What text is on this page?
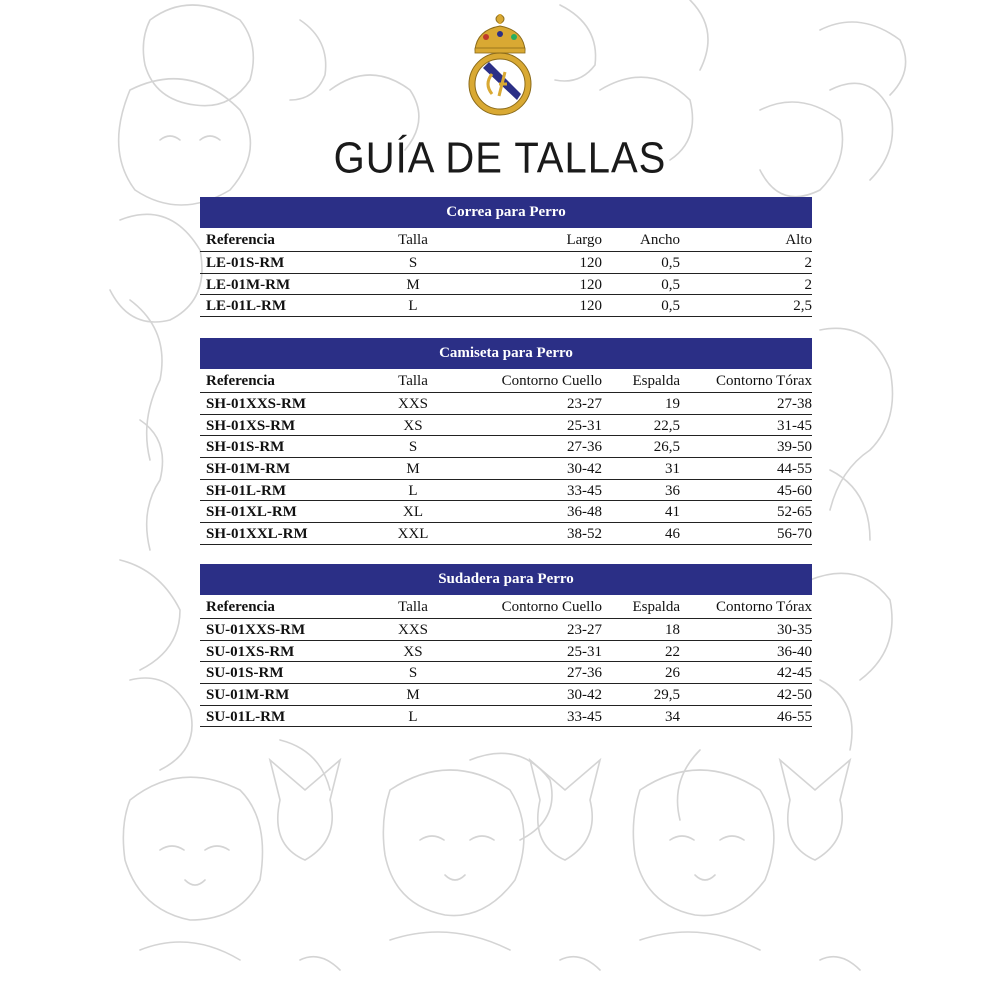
GUÍA DE TALLAS
Correa para Perro
Referencia	Talla	Largo	Ancho	Alto
LE-01S-RM	S	120	0,5	2
LE-01M-RM	M	120	0,5	2
LE-01L-RM	L	120	0,5	2,5
Camiseta para Perro
Referencia	Talla	Contorno Cuello	Espalda	Contorno Tórax
SH-01XXS-RM	XXS	23-27	19	27-38
SH-01XS-RM	XS	25-31	22,5	31-45
SH-01S-RM	S	27-36	26,5	39-50
SH-01M-RM	M	30-42	31	44-55
SH-01L-RM	L	33-45	36	45-60
SH-01XL-RM	XL	36-48	41	52-65
SH-01XXL-RM	XXL	38-52	46	56-70
Sudadera para Perro
Referencia	Talla	Contorno Cuello	Espalda	Contorno Tórax
SU-01XXS-RM	XXS	23-27	18	30-35
SU-01XS-RM	XS	25-31	22	36-40
SU-01S-RM	S	27-36	26	42-45
SU-01M-RM	M	30-42	29,5	42-50
SU-01L-RM	L	33-45	34	46-55
